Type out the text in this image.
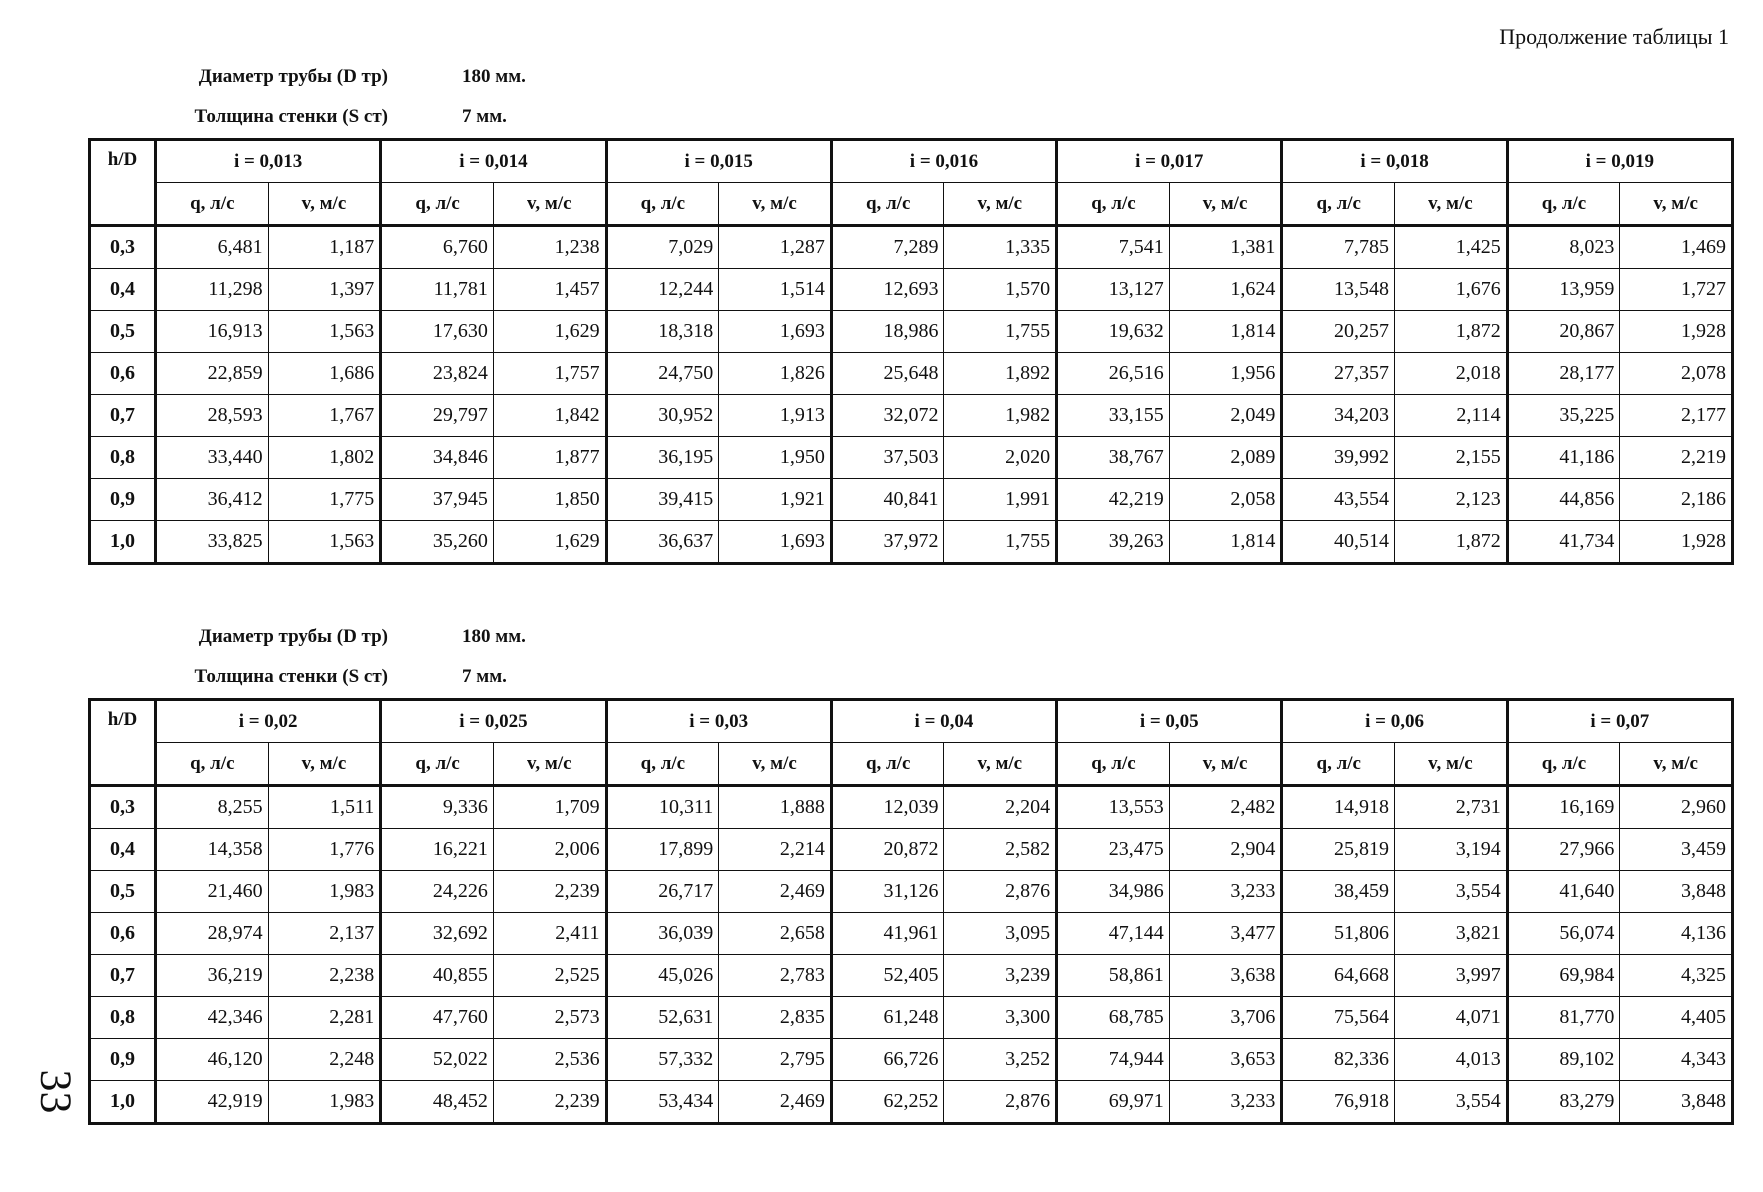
Продолжение таблицы 1
Диаметр трубы (D тр)	180 мм.
Толщина стенки (S ст)	7 мм.
h/D	i = 0,013		i = 0,014		i = 0,015		i = 0,016		i = 0,017		i = 0,018		i = 0,019	
	q, л/с	v, м/с	q, л/с	v, м/с	q, л/с	v, м/с	q, л/с	v, м/с	q, л/с	v, м/с	q, л/с	v, м/с	q, л/с	v, м/с
0,3	6,481	1,187	6,760	1,238	7,029	1,287	7,289	1,335	7,541	1,381	7,785	1,425	8,023	1,469
0,4	11,298	1,397	11,781	1,457	12,244	1,514	12,693	1,570	13,127	1,624	13,548	1,676	13,959	1,727
0,5	16,913	1,563	17,630	1,629	18,318	1,693	18,986	1,755	19,632	1,814	20,257	1,872	20,867	1,928
0,6	22,859	1,686	23,824	1,757	24,750	1,826	25,648	1,892	26,516	1,956	27,357	2,018	28,177	2,078
0,7	28,593	1,767	29,797	1,842	30,952	1,913	32,072	1,982	33,155	2,049	34,203	2,114	35,225	2,177
0,8	33,440	1,802	34,846	1,877	36,195	1,950	37,503	2,020	38,767	2,089	39,992	2,155	41,186	2,219
0,9	36,412	1,775	37,945	1,850	39,415	1,921	40,841	1,991	42,219	2,058	43,554	2,123	44,856	2,186
1,0	33,825	1,563	35,260	1,629	36,637	1,693	37,972	1,755	39,263	1,814	40,514	1,872	41,734	1,928
Диаметр трубы (D тр)	180 мм.
Толщина стенки (S ст)	7 мм.
h/D	i = 0,02		i = 0,025		i = 0,03		i = 0,04		i = 0,05		i = 0,06		i = 0,07	
	q, л/с	v, м/с	q, л/с	v, м/с	q, л/с	v, м/с	q, л/с	v, м/с	q, л/с	v, м/с	q, л/с	v, м/с	q, л/с	v, м/с
0,3	8,255	1,511	9,336	1,709	10,311	1,888	12,039	2,204	13,553	2,482	14,918	2,731	16,169	2,960
0,4	14,358	1,776	16,221	2,006	17,899	2,214	20,872	2,582	23,475	2,904	25,819	3,194	27,966	3,459
0,5	21,460	1,983	24,226	2,239	26,717	2,469	31,126	2,876	34,986	3,233	38,459	3,554	41,640	3,848
0,6	28,974	2,137	32,692	2,411	36,039	2,658	41,961	3,095	47,144	3,477	51,806	3,821	56,074	4,136
0,7	36,219	2,238	40,855	2,525	45,026	2,783	52,405	3,239	58,861	3,638	64,668	3,997	69,984	4,325
0,8	42,346	2,281	47,760	2,573	52,631	2,835	61,248	3,300	68,785	3,706	75,564	4,071	81,770	4,405
0,9	46,120	2,248	52,022	2,536	57,332	2,795	66,726	3,252	74,944	3,653	82,336	4,013	89,102	4,343
1,0	42,919	1,983	48,452	2,239	53,434	2,469	62,252	2,876	69,971	3,233	76,918	3,554	83,279	3,848
33
